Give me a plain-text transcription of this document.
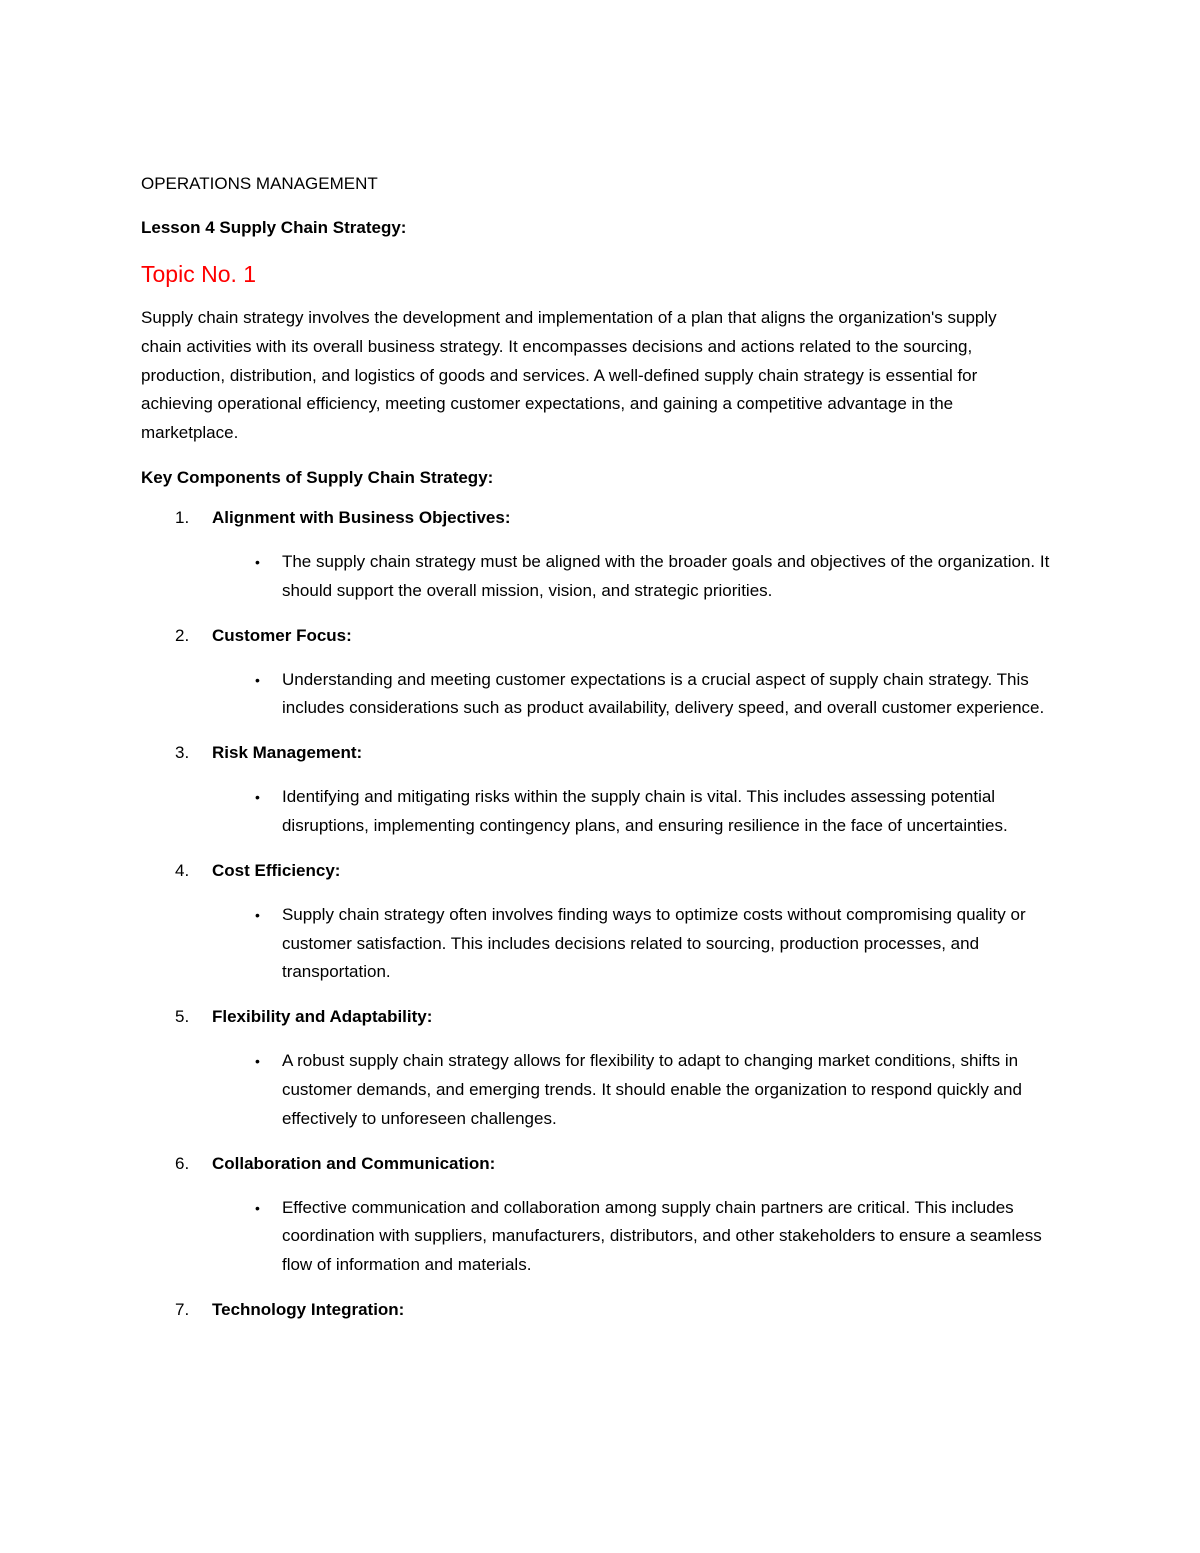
OPERATIONS MANAGEMENT

Lesson 4 Supply Chain Strategy:

Topic No. 1

Supply chain strategy involves the development and implementation of a plan that aligns the organization's supply chain activities with its overall business strategy. It encompasses decisions and actions related to the sourcing, production, distribution, and logistics of goods and services. A well-defined supply chain strategy is essential for achieving operational efficiency, meeting customer expectations, and gaining a competitive advantage in the marketplace.

Key Components of Supply Chain Strategy:

1.	Alignment with Business Objectives:
•	The supply chain strategy must be aligned with the broader goals and objectives of the organization. It should support the overall mission, vision, and strategic priorities.
2.	Customer Focus:
•	Understanding and meeting customer expectations is a crucial aspect of supply chain strategy. This includes considerations such as product availability, delivery speed, and overall customer experience.
3.	Risk Management:
•	Identifying and mitigating risks within the supply chain is vital. This includes assessing potential disruptions, implementing contingency plans, and ensuring resilience in the face of uncertainties.
4.	Cost Efficiency:
•	Supply chain strategy often involves finding ways to optimize costs without compromising quality or customer satisfaction. This includes decisions related to sourcing, production processes, and transportation.
5.	Flexibility and Adaptability:
•	A robust supply chain strategy allows for flexibility to adapt to changing market conditions, shifts in customer demands, and emerging trends. It should enable the organization to respond quickly and effectively to unforeseen challenges.
6.	Collaboration and Communication:
•	Effective communication and collaboration among supply chain partners are critical. This includes coordination with suppliers, manufacturers, distributors, and other stakeholders to ensure a seamless flow of information and materials.
7.	Technology Integration:
